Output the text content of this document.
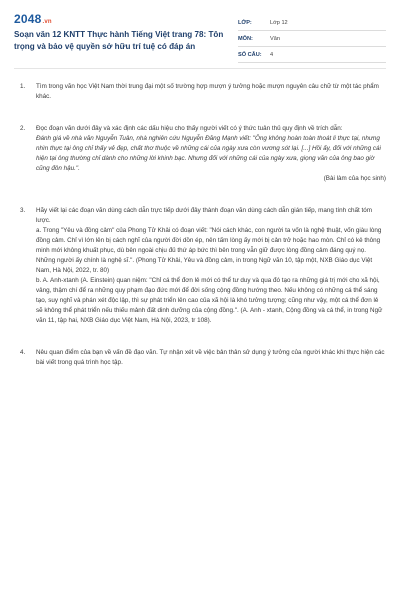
2048.vn
Soạn văn 12 KNTT Thực hành Tiếng Việt trang 78: Tôn trọng và bảo vệ quyền sở hữu trí tuệ có đáp án
LỚP:	Lớp 12
MÔN:	Văn
SỐ CÂU:	4
1. Tìm trong văn học Việt Nam thời trung đại một số trường hợp mượn ý tưởng hoặc mượn nguyên câu chữ từ một tác phẩm khác.

2. Đọc đoạn văn dưới đây và xác định các dấu hiệu cho thấy người viết có ý thức tuân thủ quy định về trích dẫn:

Đánh giá về nhà văn Nguyễn Tuân, nhà nghiên cứu Nguyễn Đăng Mạnh viết: "Ông không hoàn toàn thoát li thực tại, nhưng nhìn thực tại ông chỉ thấy vẻ đẹp, chất thơ thuộc về những cái của ngày xưa còn vương sót lại. [...] Hồi ấy, đối với những cái hiện tại ông thường chỉ dành cho những lời khinh bạc. Nhưng đối với những cái của ngày xưa, giọng văn của ông bao giờ cũng đôn hậu.".

(Bài làm của học sinh)

3. Hãy viết lại các đoạn văn dùng cách dẫn trực tiếp dưới đây thành đoạn văn dùng cách dẫn gián tiếp, mang tính chất tóm lược.

a. Trong "Yêu và đồng cảm" của Phong Tử Khải có đoạn viết: "Nói cách khác, con người ta vốn là nghệ thuật, vốn giàu lòng đồng cảm. Chỉ vì lớn lên bị cách nghĩ của người đời dồn ép, nên tấm lòng ấy mới bị cản trở hoặc hao mòn. Chỉ có kẻ thông minh mới không khuất phục, dù bên ngoài chịu đủ thứ áp bức thì bên trong vẫn giữ được lòng đồng cảm đáng quý nọ. Những người ấy chính là nghệ sĩ.". (Phong Tử Khải, Yêu và đồng cảm, in trong Ngữ văn 10, tập một, NXB Giáo dục Việt Nam, Hà Nội, 2022, tr. 80)

b. A. Anh-xtanh (A. Einstein) quan niệm: "Chỉ cá thể đơn lẻ mới có thể tư duy và qua đó tạo ra những giá trị mới cho xã hội, vâng, thậm chí để ra những quy phạm đạo đức mới để đời sống cộng đồng hướng theo. Nếu không có những cá thể sáng tạo, suy nghĩ và phán xét độc lập, thì sự phát triển lên cao của xã hội là khó tưởng tượng; cũng như vậy, một cá thể đơn lẻ sẽ không thể phát triển nếu thiếu mảnh đất dinh dưỡng của cộng đồng.". (A. Anh - xtanh, Cộng đồng và cá thể, in trong Ngữ văn 11, tập hai, NXB Giáo dục Việt Nam, Hà Nội, 2023, tr 108).

4. Nêu quan điểm của bạn về vấn đề đạo văn. Tự nhận xét về việc bản thân sử dụng ý tưởng của người khác khi thực hiện các bài viết trong quá trình học tập.
